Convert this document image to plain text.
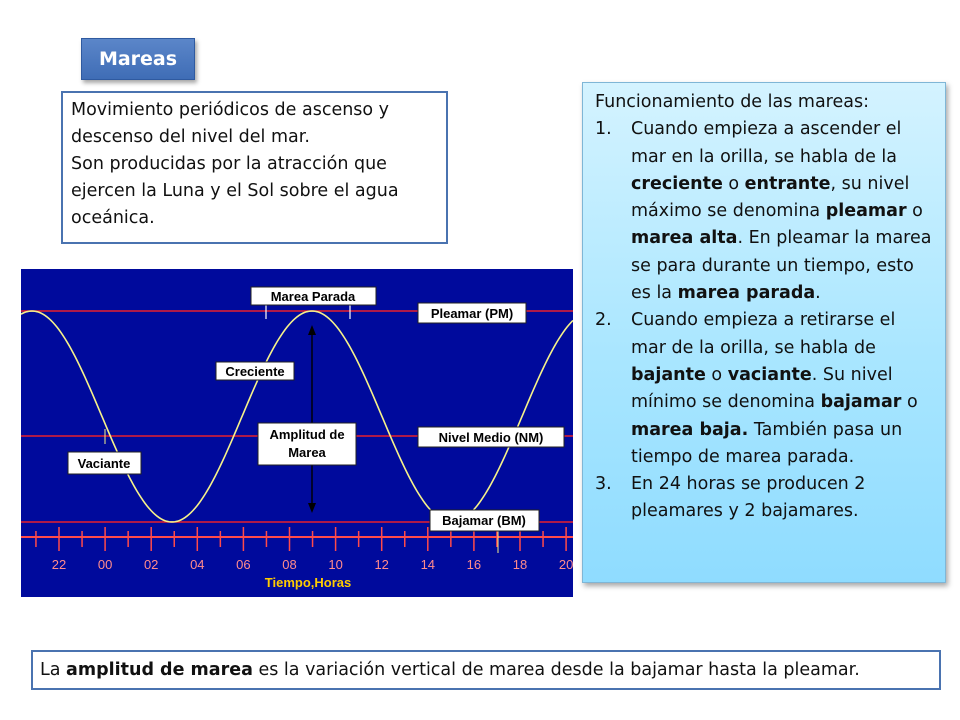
Mareas

Movimiento periódicos de ascenso y descenso del nivel del mar.

Son producidas por la atracción que ejercen la Luna y el Sol sobre el agua oceánica.

Funcionamiento de las mareas:

1. Cuando empieza a ascender el mar en la orilla, se habla de la creciente o entrante, su nivel máximo se denomina pleamar o marea alta. En pleamar la marea se para durante un tiempo, esto es la marea parada.
2. Cuando empieza a retirarse el mar de la orilla, se habla de bajante o vaciante. Su nivel mínimo se denomina bajamar o marea baja. También pasa un tiempo de marea parada.
3. En 24 horas se producen 2 pleamares y 2 bajamares.
22 00 02 04 06 08 10 12 14 16 18 20
Marea Parada
Pleamar (PM)
Creciente
Amplitud de
Marea
Nivel Medio (NM)
Vaciante
Bajamar (BM)
Tiempo,Horas
La amplitud de marea es la variación vertical de marea desde la bajamar hasta la pleamar.
